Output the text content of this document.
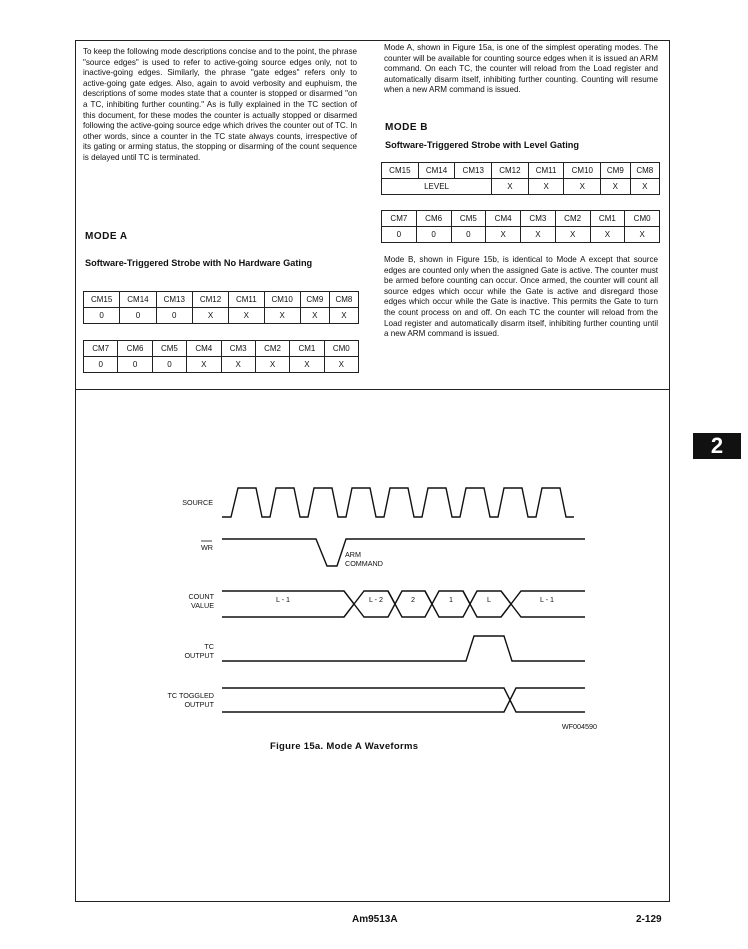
To keep the following mode descriptions concise and to the point, the phrase "source edges" is used to refer to active-going source edges only, not to inactive-going edges. Similarly, the phrase "gate edges" refers only to active-going gate edges. Also, again to avoid verbosity and euphuism, the descriptions of some modes state that a counter is stopped or disarmed "on a TC, inhibiting further counting." As is fully explained in the TC section of this document, for these modes the counter is actually stopped or disarmed following the active-going source edge which drives the counter out of TC. In other words, since a counter in the TC state always counts, irrespective of its gating or arming status, the stopping or disarming of the count sequence is delayed until TC is terminated.

MODE A
Software-Triggered Strobe with No Hardware Gating
CM15	CM14	CM13	CM12	CM11	CM10	CM9	CM8
0	0	0	X	X	X	X	X
CM7	CM6	CM5	CM4	CM3	CM2	CM1	CM0
0	0	0	X	X	X	X	X

Mode A, shown in Figure 15a, is one of the simplest operating modes. The counter will be available for counting source edges when it is issued an ARM command. On each TC, the counter will reload from the Load register and automatically disarm itself, inhibiting further counting. Counting will resume when a new ARM command is issued.

MODE B
Software-Triggered Strobe with Level Gating
CM15	CM14	CM13	CM12	CM11	CM10	CM9	CM8
LEVEL			X	X	X	X	X
CM7	CM6	CM5	CM4	CM3	CM2	CM1	CM0
0	0	0	X	X	X	X	X

Mode B, shown in Figure 15b, is identical to Mode A except that source edges are counted only when the assigned Gate is active. The counter must be armed before counting can occur. Once armed, the counter will count all source edges which occur while the Gate is active and disregard those edges which occur while the Gate is inactive. This permits the Gate to turn the count process on and off. On each TC the counter will reload from the Load register and automatically disarm itself, inhibiting further counting until a new ARM command is issued.

2
SOURCE
WR
ARM
COMMAND
COUNT
VALUE
TC
OUTPUT
TC TOGGLED
OUTPUT
L - 1	L - 2	2	1	L	L - 1
WF004590
Figure 15a. Mode A Waveforms
Am9513A	2-129
